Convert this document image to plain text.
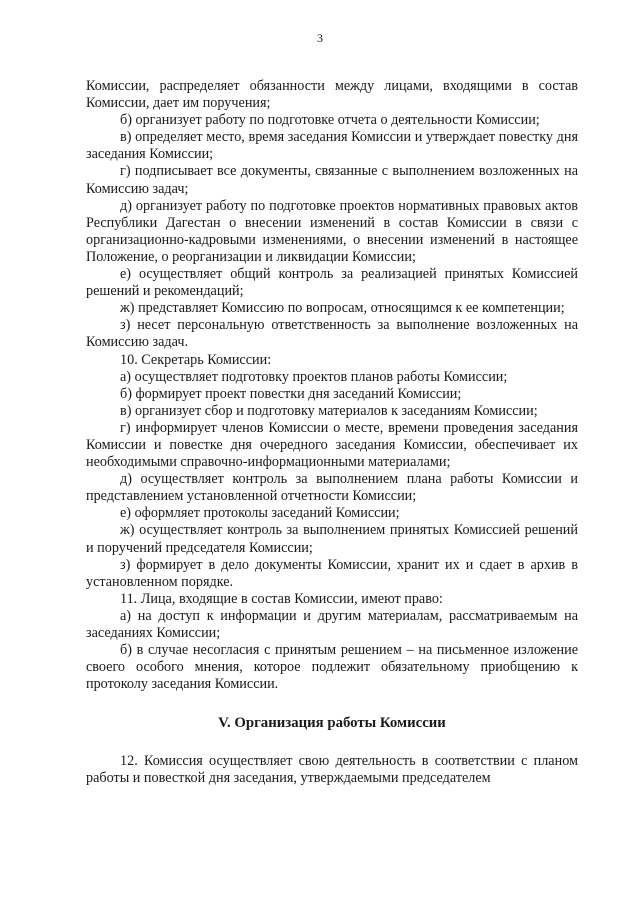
3

Комиссии, распределяет обязанности между лицами, входящими в состав Комиссии, дает им поручения;

б) организует работу по подготовке отчета о деятельности Комиссии;

в) определяет место, время заседания Комиссии и утверждает повестку дня заседания Комиссии;

г) подписывает все документы, связанные с выполнением возложенных на Комиссию задач;

д) организует работу по подготовке проектов нормативных правовых актов Республики Дагестан о внесении изменений в состав Комиссии в связи с организационно-кадровыми изменениями, о внесении изменений в настоящее Положение, о реорганизации и ликвидации Комиссии;

е) осуществляет общий контроль за реализацией принятых Комиссией решений и рекомендаций;

ж) представляет Комиссию по вопросам, относящимся к ее компетенции;

з) несет персональную ответственность за выполнение возложенных на Комиссию задач.

10. Секретарь Комиссии:

а) осуществляет подготовку проектов планов работы Комиссии;

б) формирует проект повестки дня заседаний Комиссии;

в) организует сбор и подготовку материалов к заседаниям Комиссии;

г) информирует членов Комиссии о месте, времени проведения заседания Комиссии и повестке дня очередного заседания Комиссии, обеспечивает их необходимыми справочно-информационными материалами;

д) осуществляет контроль за выполнением плана работы Комиссии и представлением установленной отчетности Комиссии;

е) оформляет протоколы заседаний Комиссии;

ж) осуществляет контроль за выполнением принятых Комиссией решений и поручений председателя Комиссии;

з) формирует в дело документы Комиссии, хранит их и сдает в архив в установленном порядке.

11. Лица, входящие в состав Комиссии, имеют право:

а) на доступ к информации и другим материалам, рассматриваемым на заседаниях Комиссии;

б) в случае несогласия с принятым решением – на письменное изложение своего особого мнения, которое подлежит обязательному приобщению к протоколу заседания Комиссии.

V. Организация работы Комиссии

12. Комиссия осуществляет свою деятельность в соответствии с планом работы и повесткой дня заседания, утверждаемыми председателем
